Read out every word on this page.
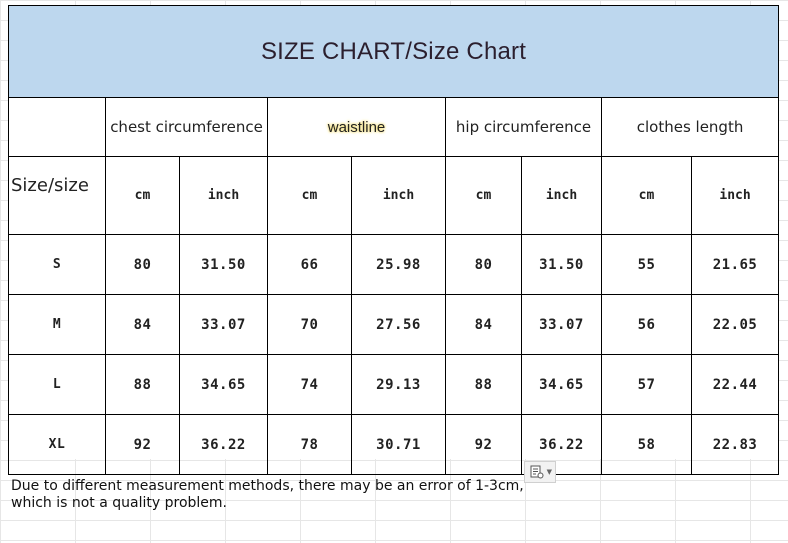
SIZE CHART/Size Chart								
	chest circumference		waistline		hip circumference		clothes length	
Size/size	cm	inch	cm	inch	cm	inch	cm	inch
S	80	31.50	66	25.98	80	31.50	55	21.65
M	84	33.07	70	27.56	84	33.07	56	22.05
L	88	34.65	74	29.13	88	34.65	57	22.44
XL	92	36.22	78	30.71	92	36.22	58	22.83
▼
Due to different measurement methods, there may be an error of 1-3cm,
which is not a quality problem.
